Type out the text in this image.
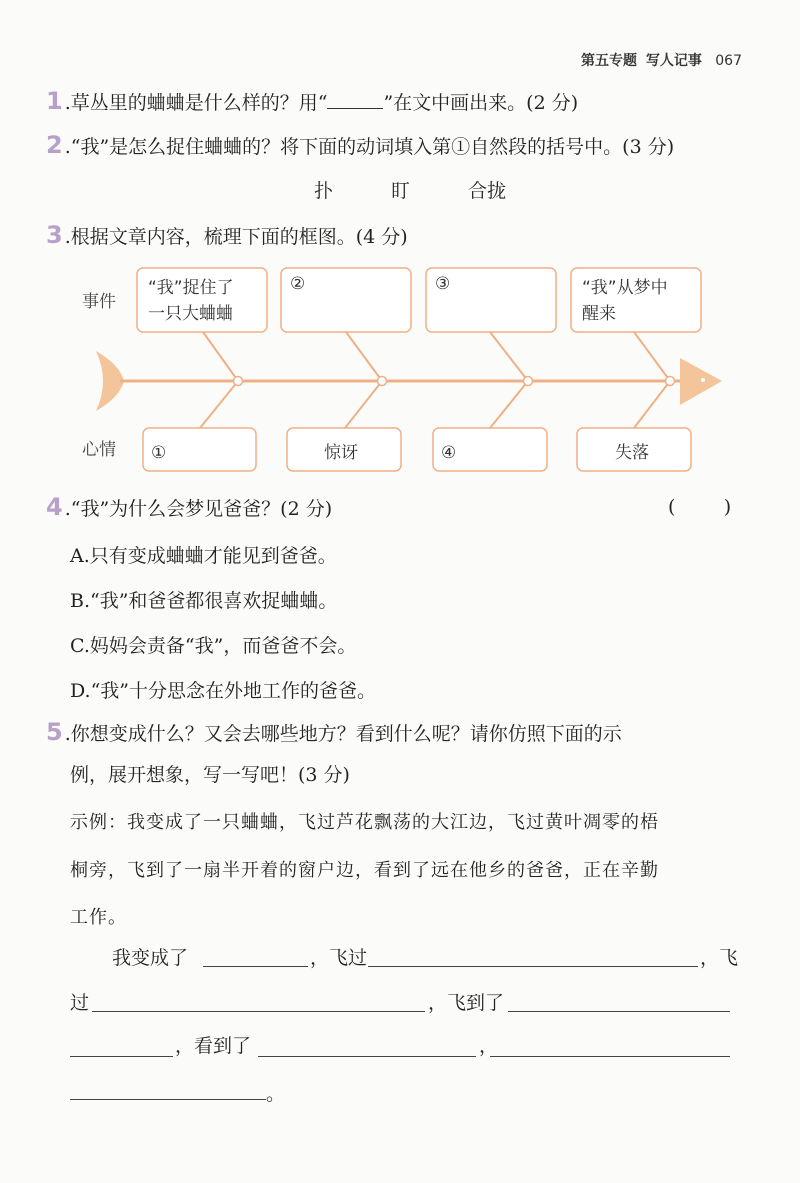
第五专题 写人记事 067
1 .草丛里的蛐蛐是什么样的？用“	”在文中画出来。(2 分)
2 .“我”是怎么捉住蛐蛐的？将下面的动词填入第①自然段的括号中。(3 分)
扑	盯	合拢
3 .根据文章内容，梳理下面的框图。(4 分)
事件
心情
“我”捉住了
一只大蛐蛐
②	③	“我”从梦中
醒来
①	惊讶	④	失落
4 .“我”为什么会梦见爸爸？(2 分)	(        )
A.只有变成蛐蛐才能见到爸爸。
B.“我”和爸爸都很喜欢捉蛐蛐。
C.妈妈会责备“我”，而爸爸不会。
D.“我”十分思念在外地工作的爸爸。
5 .你想变成什么？又会去哪些地方？看到什么呢？请你仿照下面的示
例，展开想象，写一写吧！(3 分)
示例：我变成了一只蛐蛐，飞过芦花飘荡的大江边，飞过黄叶凋零的梧
桐旁，飞到了一扇半开着的窗户边，看到了远在他乡的爸爸，正在辛勤
工作。
我变成了	，飞过	，飞
过	，飞到了
，看到了	，
。
